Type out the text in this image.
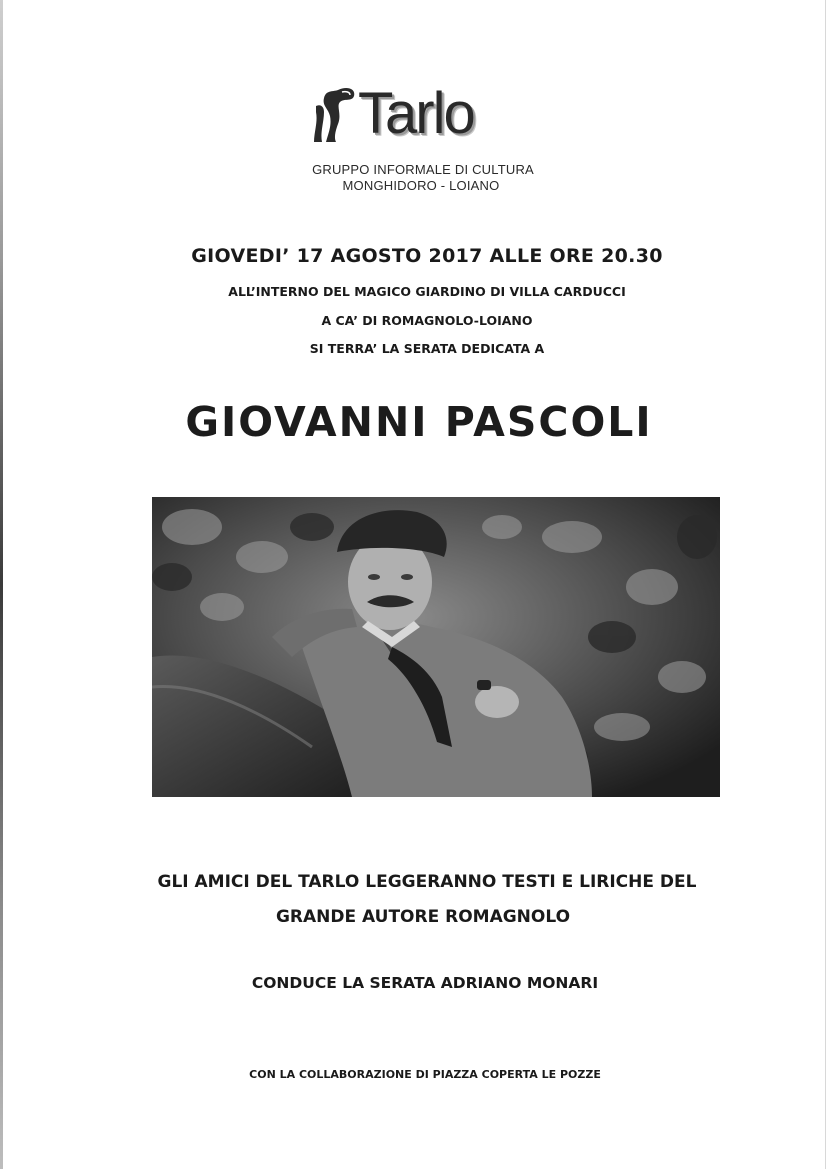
Tarlo
GRUPPO INFORMALE DI CULTURA
MONGHIDORO - LOIANO
GIOVEDI’ 17 AGOSTO 2017 ALLE ORE 20.30
ALL’INTERNO DEL MAGICO GIARDINO DI VILLA CARDUCCI
A CA’ DI ROMAGNOLO-LOIANO
SI TERRA’ LA SERATA DEDICATA A
GIOVANNI PASCOLI
GLI AMICI DEL TARLO LEGGERANNO TESTI E LIRICHE DEL
GRANDE AUTORE ROMAGNOLO
CONDUCE LA SERATA ADRIANO MONARI
CON LA COLLABORAZIONE DI PIAZZA COPERTA LE POZZE
